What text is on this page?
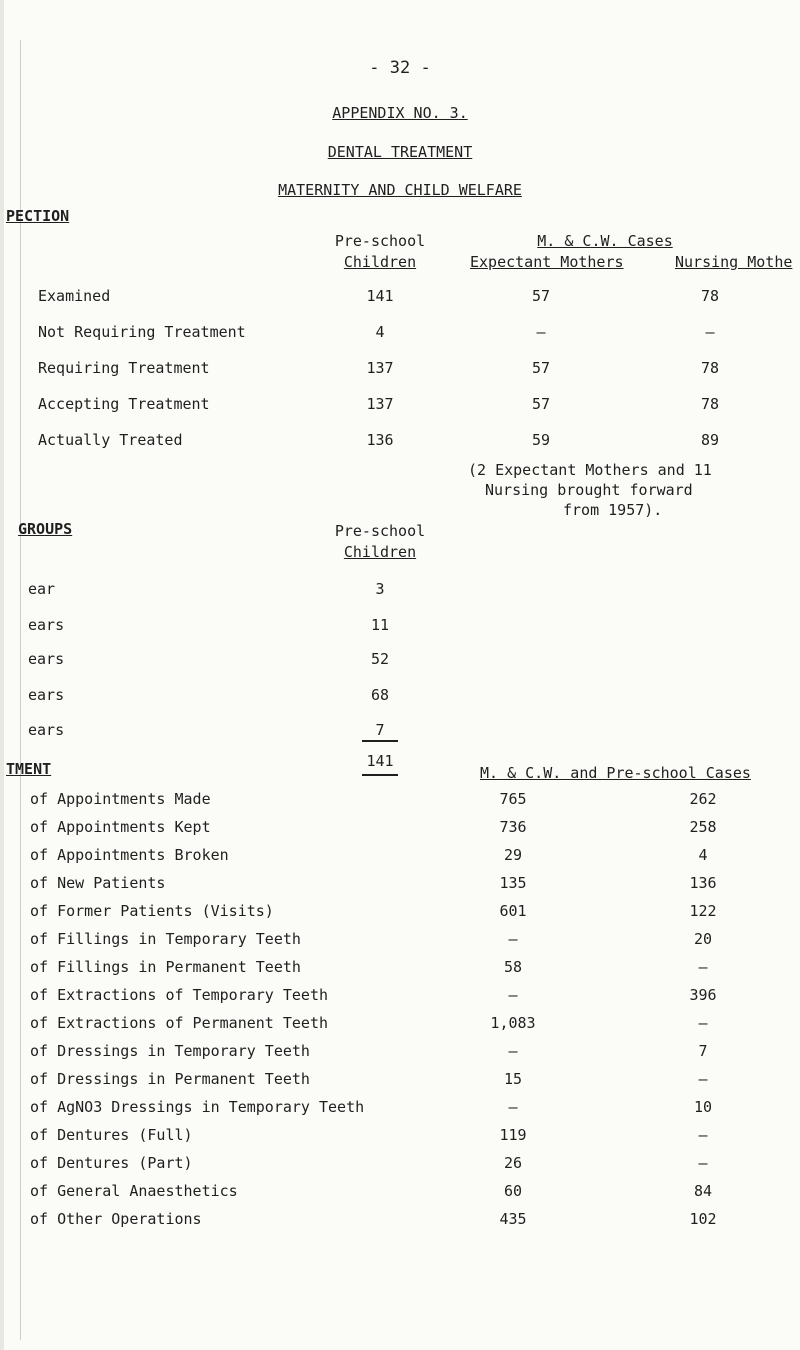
- 32 -
APPENDIX NO. 3.
DENTAL TREATMENT
MATERNITY AND CHILD WELFARE
PECTION
Pre-school
Children
M. & C.W. Cases
Expectant Mothers	Nursing Mothe
Examined	141	57	78
Not Requiring Treatment	4	–	–
Requiring Treatment	137	57	78
Accepting Treatment	137	57	78
Actually Treated	136	59	89
(2 Expectant Mothers and 11
Nursing brought forward
from 1957).
GROUPS	Pre-school
Children
ear	3
ears	11
ears	52
ears	68
ears	7
141
TMENT	M. & C.W. and Pre-school Cases
of Appointments Made	765	262
of Appointments Kept	736	258
of Appointments Broken	29	4
of New Patients	135	136
of Former Patients (Visits)	601	122
of Fillings in Temporary Teeth	–	20
of Fillings in Permanent Teeth	58	–
of Extractions of Temporary Teeth	–	396
of Extractions of Permanent Teeth	1,083	–
of Dressings in Temporary Teeth	–	7
of Dressings in Permanent Teeth	15	–
of AgNO3 Dressings in Temporary Teeth	–	10
of Dentures (Full)	119	–
of Dentures (Part)	26	–
of General Anaesthetics	60	84
of Other Operations	435	102
